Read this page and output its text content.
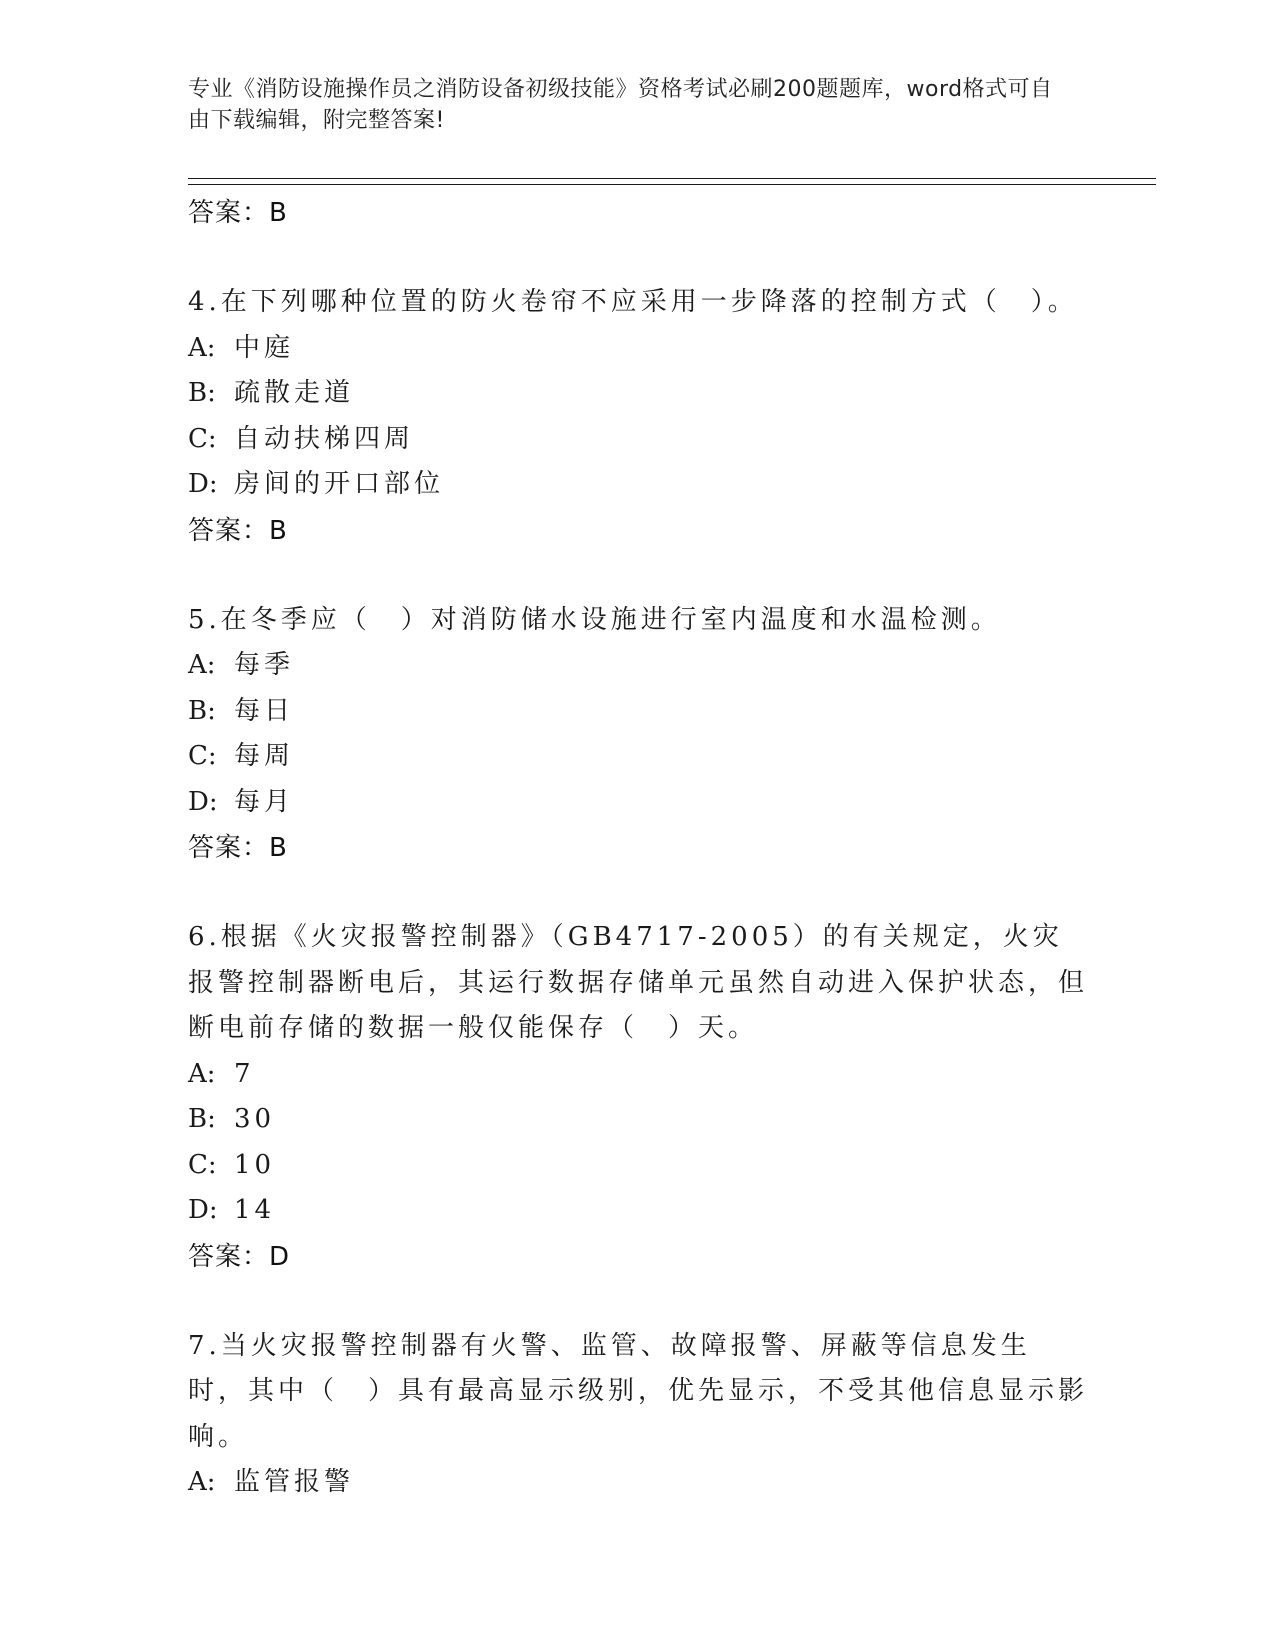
专业《消防设施操作员之消防设备初级技能》资格考试必刷200题题库，word格式可自由下载编辑，附完整答案!
答案：B
4.在下列哪种位置的防火卷帘不应采用一步降落的控制方式（　）。
A: 中庭
B: 疏散走道
C: 自动扶梯四周
D: 房间的开口部位
答案：B
5.在冬季应（　）对消防储水设施进行室内温度和水温检测。
A: 每季
B: 每日
C: 每周
D: 每月
答案：B
6.根据《火灾报警控制器》（GB4717-2005）的有关规定，火灾报警控制器断电后，其运行数据存储单元虽然自动进入保护状态，但断电前存储的数据一般仅能保存（　）天。
A: 7
B: 30
C: 10
D: 14
答案：D
7.当火灾报警控制器有火警、监管、故障报警、屏蔽等信息发生时，其中（　）具有最高显示级别，优先显示，不受其他信息显示影响。
A: 监管报警
